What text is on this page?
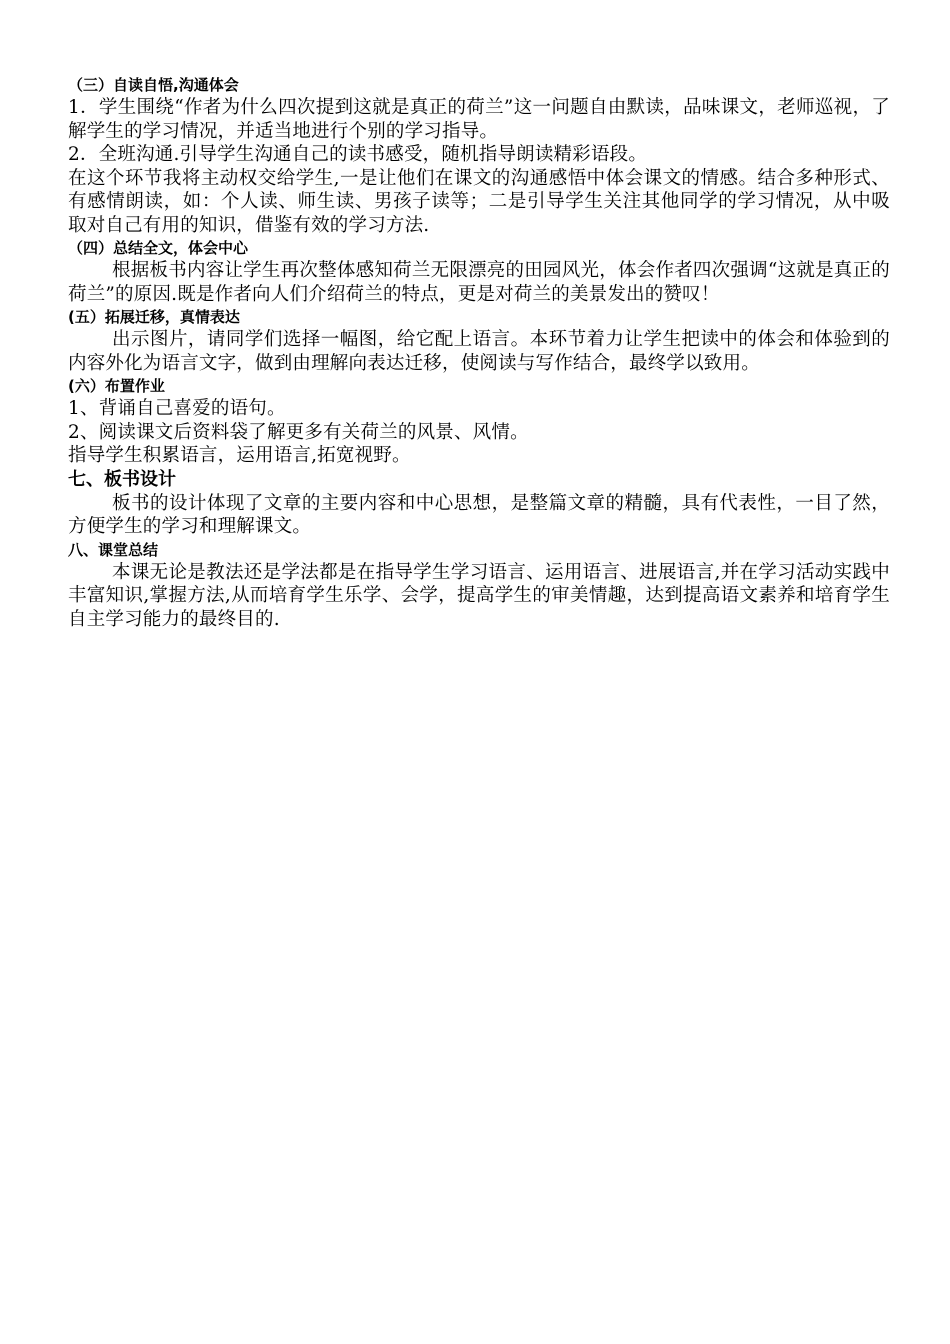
（三）自读自悟,沟通体会

1．学生围绕“作者为什么四次提到这就是真正的荷兰”这一问题自由默读，品味课文，老师巡视，了解学生的学习情况，并适当地进行个别的学习指导。

2．全班沟通.引导学生沟通自己的读书感受，随机指导朗读精彩语段。

在这个环节我将主动权交给学生,一是让他们在课文的沟通感悟中体会课文的情感。结合多种形式、有感情朗读，如：个人读、师生读、男孩子读等；二是引导学生关注其他同学的学习情况，从中吸取对自己有用的知识，借鉴有效的学习方法.

（四）总结全文，体会中心

根据板书内容让学生再次整体感知荷兰无限漂亮的田园风光，体会作者四次强调“这就是真正的荷兰”的原因.既是作者向人们介绍荷兰的特点，更是对荷兰的美景发出的赞叹！

(五）拓展迁移，真情表达

出示图片，请同学们选择一幅图，给它配上语言。本环节着力让学生把读中的体会和体验到的内容外化为语言文字，做到由理解向表达迁移，使阅读与写作结合，最终学以致用。

(六）布置作业

1、背诵自己喜爱的语句。

2、阅读课文后资料袋了解更多有关荷兰的风景、风情。

指导学生积累语言，运用语言,拓宽视野。

七、板书设计

板书的设计体现了文章的主要内容和中心思想，是整篇文章的精髓，具有代表性，一目了然，方便学生的学习和理解课文。

八、课堂总结

本课无论是教法还是学法都是在指导学生学习语言、运用语言、进展语言,并在学习活动实践中丰富知识,掌握方法,从而培育学生乐学、会学，提高学生的审美情趣，达到提高语文素养和培育学生自主学习能力的最终目的.
